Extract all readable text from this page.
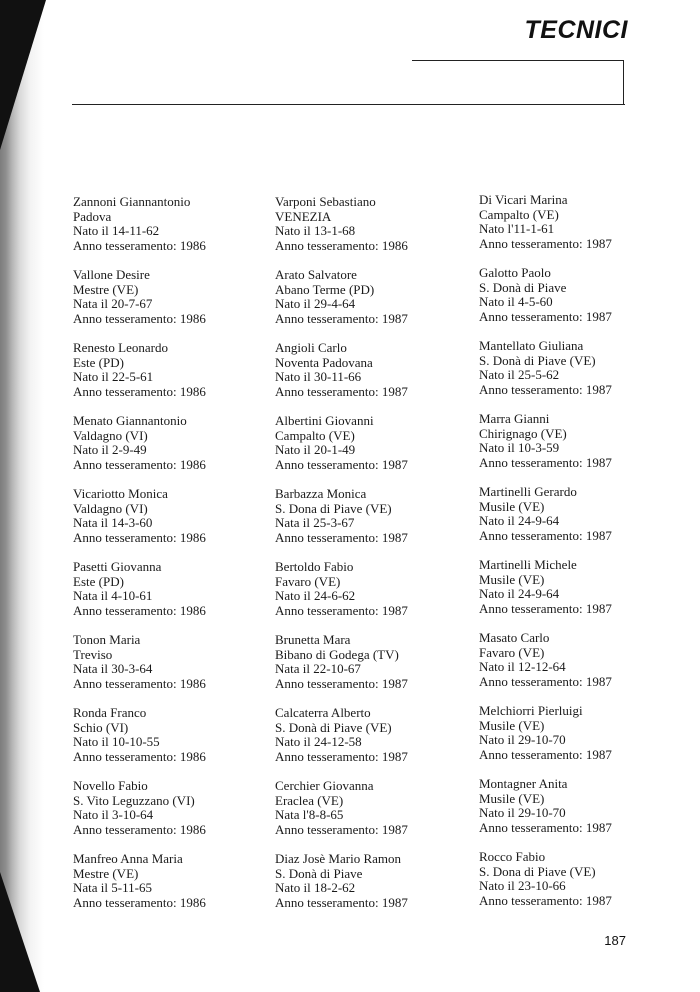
TECNICI
Zannoni Giannantonio
Padova
Nato il 14-11-62
Anno tesseramento: 1986
Vallone Desire
Mestre (VE)
Nata il 20-7-67
Anno tesseramento: 1986
Renesto Leonardo
Este (PD)
Nato il 22-5-61
Anno tesseramento: 1986
Menato Giannantonio
Valdagno (VI)
Nato il 2-9-49
Anno tesseramento: 1986
Vicariotto Monica
Valdagno (VI)
Nata il 14-3-60
Anno tesseramento: 1986
Pasetti Giovanna
Este (PD)
Nata il 4-10-61
Anno tesseramento: 1986
Tonon Maria
Treviso
Nata il 30-3-64
Anno tesseramento: 1986
Ronda Franco
Schio (VI)
Nato il 10-10-55
Anno tesseramento: 1986
Novello Fabio
S. Vito Leguzzano (VI)
Nato il 3-10-64
Anno tesseramento: 1986
Manfreo Anna Maria
Mestre (VE)
Nata il 5-11-65
Anno tesseramento: 1986
Varponi Sebastiano
VENEZIA
Nato il 13-1-68
Anno tesseramento: 1986
Arato Salvatore
Abano Terme (PD)
Nato il 29-4-64
Anno tesseramento: 1987
Angioli Carlo
Noventa Padovana
Nato il 30-11-66
Anno tesseramento: 1987
Albertini Giovanni
Campalto (VE)
Nato il 20-1-49
Anno tesseramento: 1987
Barbazza Monica
S. Dona di Piave (VE)
Nata il 25-3-67
Anno tesseramento: 1987
Bertoldo Fabio
Favaro (VE)
Nato il 24-6-62
Anno tesseramento: 1987
Brunetta Mara
Bibano di Godega (TV)
Nata il 22-10-67
Anno tesseramento: 1987
Calcaterra Alberto
S. Donà di Piave (VE)
Nato il 24-12-58
Anno tesseramento: 1987
Cerchier Giovanna
Eraclea (VE)
Nata l'8-8-65
Anno tesseramento: 1987
Diaz Josè Mario Ramon
S. Donà di Piave
Nato il 18-2-62
Anno tesseramento: 1987
Di Vicari Marina
Campalto (VE)
Nato l'11-1-61
Anno tesseramento: 1987
Galotto Paolo
S. Donà di Piave
Nato il 4-5-60
Anno tesseramento: 1987
Mantellato Giuliana
S. Donà di Piave (VE)
Nato il 25-5-62
Anno tesseramento: 1987
Marra Gianni
Chirignago (VE)
Nato il 10-3-59
Anno tesseramento: 1987
Martinelli Gerardo
Musile (VE)
Nato il 24-9-64
Anno tesseramento: 1987
Martinelli Michele
Musile (VE)
Nato il 24-9-64
Anno tesseramento: 1987
Masato Carlo
Favaro (VE)
Nato il 12-12-64
Anno tesseramento: 1987
Melchiorri Pierluigi
Musile (VE)
Nato il 29-10-70
Anno tesseramento: 1987
Montagner Anita
Musile (VE)
Nato il 29-10-70
Anno tesseramento: 1987
Rocco Fabio
S. Dona di Piave (VE)
Nato il 23-10-66
Anno tesseramento: 1987
187
